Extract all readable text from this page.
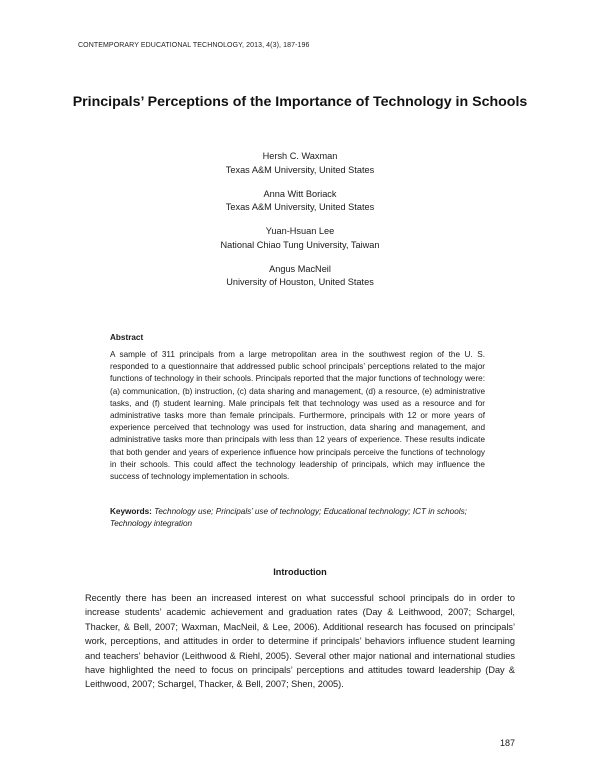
CONTEMPORARY EDUCATIONAL TECHNOLOGY, 2013, 4(3), 187-196
Principals’ Perceptions of the Importance of Technology in Schools
Hersh C. Waxman
Texas A&M University, United States
Anna Witt Boriack
Texas A&M University, United States
Yuan-Hsuan Lee
National Chiao Tung University, Taiwan
Angus MacNeil
University of Houston, United States
Abstract

A sample of 311 principals from a large metropolitan area in the southwest region of the U. S. responded to a questionnaire that addressed public school principals’ perceptions related to the major functions of technology in their schools. Principals reported that the major functions of technology were: (a) communication, (b) instruction, (c) data sharing and management, (d) a resource, (e) administrative tasks, and (f) student learning. Male principals felt that technology was used as a resource and for administrative tasks more than female principals. Furthermore, principals with 12 or more years of experience perceived that technology was used for instruction, data sharing and management, and administrative tasks more than principals with less than 12 years of experience. These results indicate that both gender and years of experience influence how principals perceive the functions of technology in their schools. This could affect the technology leadership of principals, which may influence the success of technology implementation in schools.

Keywords: Technology use; Principals’ use of technology; Educational technology; ICT in schools; Technology integration
Introduction

Recently there has been an increased interest on what successful school principals do in order to increase students’ academic achievement and graduation rates (Day & Leithwood, 2007; Schargel, Thacker, & Bell, 2007; Waxman, MacNeil, & Lee, 2006). Additional research has focused on principals’ work, perceptions, and attitudes in order to determine if principals’ behaviors influence student learning and teachers’ behavior (Leithwood & Riehl, 2005). Several other major national and international studies have highlighted the need to focus on principals’ perceptions and attitudes toward leadership (Day & Leithwood, 2007; Schargel, Thacker, & Bell, 2007; Shen, 2005).

187
